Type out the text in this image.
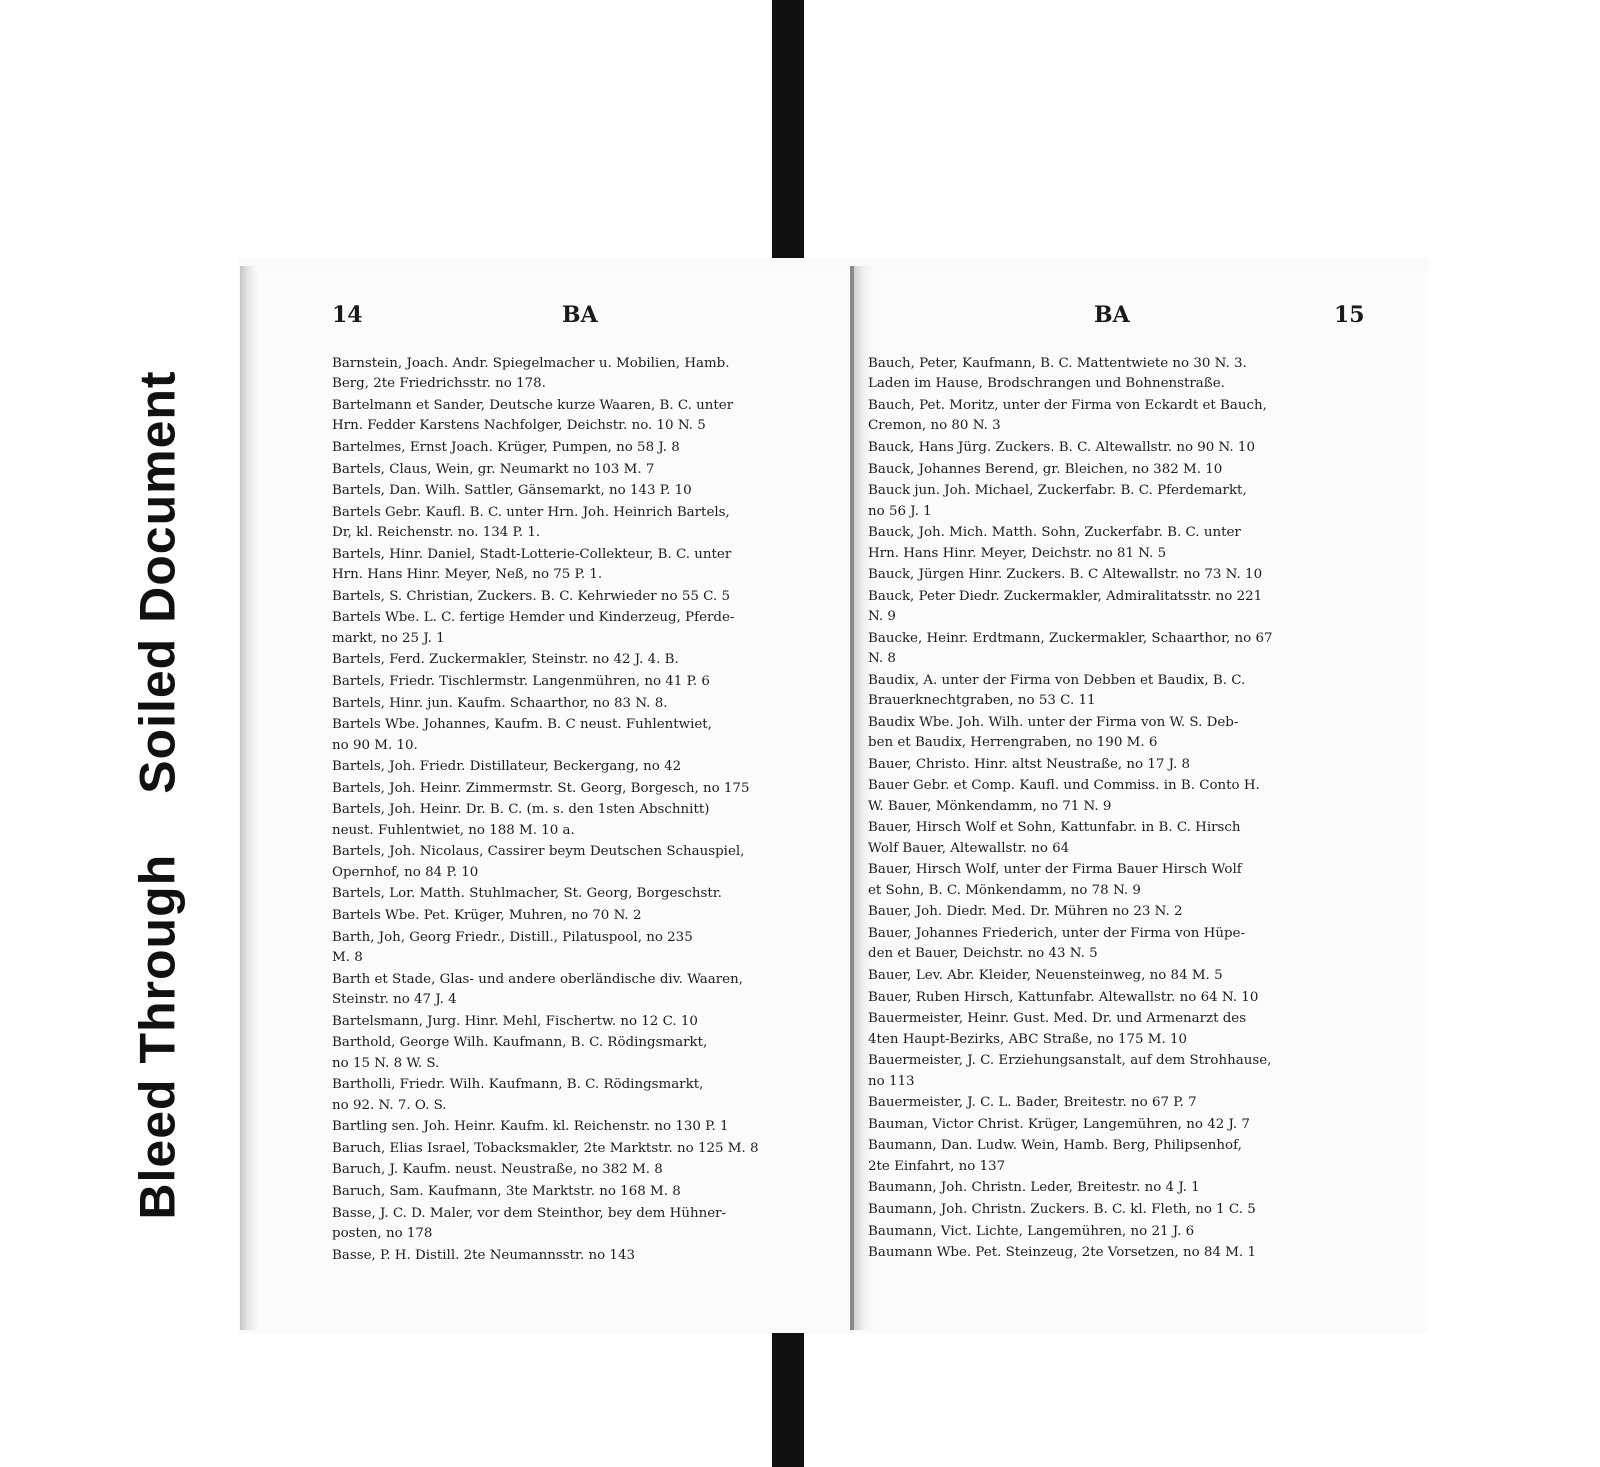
Bleed ThroughSoiled Document
14	BA
Barnstein, Joach. Andr. Spiegelmacher u. Mobilien, Hamb.
Berg, 2te Friedrichsstr. no 178.
Bartelmann et Sander, Deutsche kurze Waaren, B. C. unter
Hrn. Fedder Karstens Nachfolger, Deichstr. no. 10 N. 5
Bartelmes, Ernst Joach. Krüger, Pumpen, no 58 J. 8
Bartels, Claus, Wein, gr. Neumarkt no 103 M. 7
Bartels, Dan. Wilh. Sattler, Gänsemarkt, no 143 P. 10
Bartels Gebr. Kaufl. B. C. unter Hrn. Joh. Heinrich Bartels,
Dr, kl. Reichenstr. no. 134 P. 1.
Bartels, Hinr. Daniel, Stadt-Lotterie-Collekteur, B. C. unter
Hrn. Hans Hinr. Meyer, Neß, no 75 P. 1.
Bartels, S. Christian, Zuckers. B. C. Kehrwieder no 55 C. 5
Bartels Wbe. L. C. fertige Hemder und Kinderzeug, Pferde-
markt, no 25 J. 1
Bartels, Ferd. Zuckermakler, Steinstr. no 42 J. 4. B.
Bartels, Friedr. Tischlermstr. Langenmühren, no 41 P. 6
Bartels, Hinr. jun. Kaufm. Schaarthor, no 83 N. 8.
Bartels Wbe. Johannes, Kaufm. B. C neust. Fuhlentwiet,
no 90 M. 10.
Bartels, Joh. Friedr. Distillateur, Beckergang, no 42
Bartels, Joh. Heinr. Zimmermstr. St. Georg, Borgesch, no 175
Bartels, Joh. Heinr. Dr. B. C. (m. s. den 1sten Abschnitt)
neust. Fuhlentwiet, no 188 M. 10 a.
Bartels, Joh. Nicolaus, Cassirer beym Deutschen Schauspiel,
Opernhof, no 84 P. 10
Bartels, Lor. Matth. Stuhlmacher, St. Georg, Borgeschstr.
Bartels Wbe. Pet. Krüger, Muhren, no 70 N. 2
Barth, Joh, Georg Friedr., Distill., Pilatuspool, no 235
M. 8
Barth et Stade, Glas- und andere oberländische div. Waaren,
Steinstr. no 47 J. 4
Bartelsmann, Jurg. Hinr. Mehl, Fischertw. no 12 C. 10
Barthold, George Wilh. Kaufmann, B. C. Rödingsmarkt,
no 15 N. 8 W. S.
Bartholli, Friedr. Wilh. Kaufmann, B. C. Rödingsmarkt,
no 92. N. 7. O. S.
Bartling sen. Joh. Heinr. Kaufm. kl. Reichenstr. no 130 P. 1
Baruch, Elias Israel, Tobacksmakler, 2te Marktstr. no 125 M. 8
Baruch, J. Kaufm. neust. Neustraße, no 382 M. 8
Baruch, Sam. Kaufmann, 3te Marktstr. no 168 M. 8
Basse, J. C. D. Maler, vor dem Steinthor, bey dem Hühner-
posten, no 178
Basse, P. H. Distill. 2te Neumannsstr. no 143
BA	15
Bauch, Peter, Kaufmann, B. C. Mattentwiete no 30 N. 3.
Laden im Hause, Brodschrangen und Bohnenstraße.
Bauch, Pet. Moritz, unter der Firma von Eckardt et Bauch,
Cremon, no 80 N. 3
Bauck, Hans Jürg. Zuckers. B. C. Altewallstr. no 90 N. 10
Bauck, Johannes Berend, gr. Bleichen, no 382 M. 10
Bauck jun. Joh. Michael, Zuckerfabr. B. C. Pferdemarkt,
no 56 J. 1
Bauck, Joh. Mich. Matth. Sohn, Zuckerfabr. B. C. unter
Hrn. Hans Hinr. Meyer, Deichstr. no 81 N. 5
Bauck, Jürgen Hinr. Zuckers. B. C Altewallstr. no 73 N. 10
Bauck, Peter Diedr. Zuckermakler, Admiralitatsstr. no 221
N. 9
Baucke, Heinr. Erdtmann, Zuckermakler, Schaarthor, no 67
N. 8
Baudix, A. unter der Firma von Debben et Baudix, B. C.
Brauerknechtgraben, no 53 C. 11
Baudix Wbe. Joh. Wilh. unter der Firma von W. S. Deb-
ben et Baudix, Herrengraben, no 190 M. 6
Bauer, Christo. Hinr. altst Neustraße, no 17 J. 8
Bauer Gebr. et Comp. Kaufl. und Commiss. in B. Conto H.
W. Bauer, Mönkendamm, no 71 N. 9
Bauer, Hirsch Wolf et Sohn, Kattunfabr. in B. C. Hirsch
Wolf Bauer, Altewallstr. no 64
Bauer, Hirsch Wolf, unter der Firma Bauer Hirsch Wolf
et Sohn, B. C. Mönkendamm, no 78 N. 9
Bauer, Joh. Diedr. Med. Dr. Mühren no 23 N. 2
Bauer, Johannes Friederich, unter der Firma von Hüpe-
den et Bauer, Deichstr. no 43 N. 5
Bauer, Lev. Abr. Kleider, Neuensteinweg, no 84 M. 5
Bauer, Ruben Hirsch, Kattunfabr. Altewallstr. no 64 N. 10
Bauermeister, Heinr. Gust. Med. Dr. und Armenarzt des
4ten Haupt-Bezirks, ABC Straße, no 175 M. 10
Bauermeister, J. C. Erziehungsanstalt, auf dem Strohhause,
no 113
Bauermeister, J. C. L. Bader, Breitestr. no 67 P. 7
Bauman, Victor Christ. Krüger, Langemühren, no 42 J. 7
Baumann, Dan. Ludw. Wein, Hamb. Berg, Philipsenhof,
2te Einfahrt, no 137
Baumann, Joh. Christn. Leder, Breitestr. no 4 J. 1
Baumann, Joh. Christn. Zuckers. B. C. kl. Fleth, no 1 C. 5
Baumann, Vict. Lichte, Langemühren, no 21 J. 6
Baumann Wbe. Pet. Steinzeug, 2te Vorsetzen, no 84 M. 1
